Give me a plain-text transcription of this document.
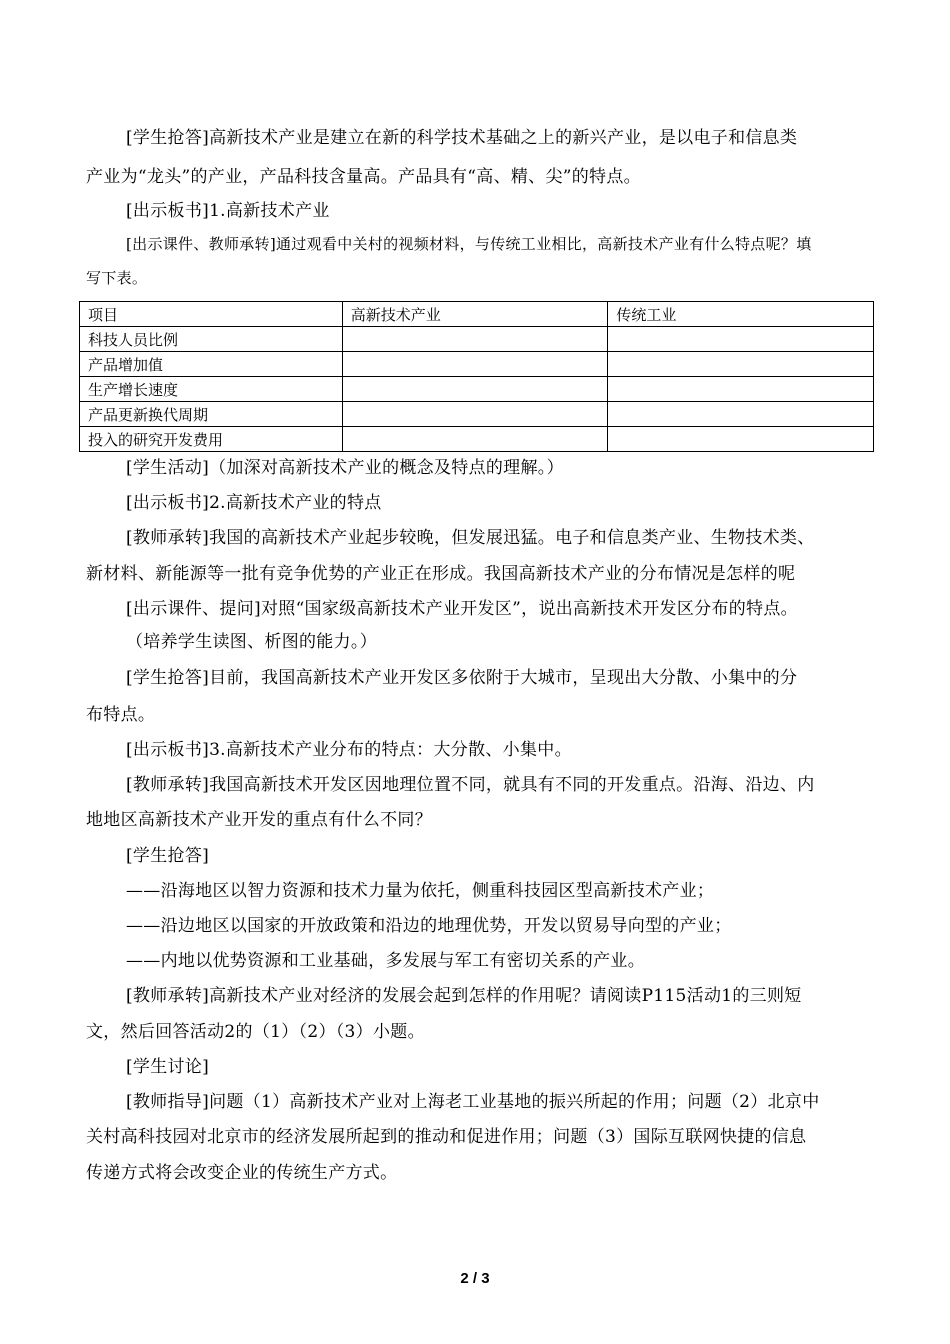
[学生抢答]高新技术产业是建立在新的科学技术基础之上的新兴产业，是以电子和信息类
产业为“龙头”的产业，产品科技含量高。产品具有“高、精、尖”的特点。
[出示板书]1.高新技术产业
[出示课件、教师承转]通过观看中关村的视频材料，与传统工业相比，高新技术产业有什么特点呢？填
写下表。
项目	高新技术产业	传统工业
科技人员比例		
产品增加值		
生产增长速度		
产品更新换代周期		
投入的研究开发费用		
[学生活动]（加深对高新技术产业的概念及特点的理解。）
[出示板书]2.高新技术产业的特点
[教师承转]我国的高新技术产业起步较晚，但发展迅猛。电子和信息类产业、生物技术类、
新材料、新能源等一批有竞争优势的产业正在形成。我国高新技术产业的分布情况是怎样的呢
[出示课件、提问]对照“国家级高新技术产业开发区”，说出高新技术开发区分布的特点。
（培养学生读图、析图的能力。）
[学生抢答]目前，我国高新技术产业开发区多依附于大城市，呈现出大分散、小集中的分
布特点。
[出示板书]3.高新技术产业分布的特点：大分散、小集中。
[教师承转]我国高新技术开发区因地理位置不同，就具有不同的开发重点。沿海、沿边、内
地地区高新技术产业开发的重点有什么不同？
[学生抢答]
——沿海地区以智力资源和技术力量为依托，侧重科技园区型高新技术产业；
——沿边地区以国家的开放政策和沿边的地理优势，开发以贸易导向型的产业；
——内地以优势资源和工业基础，多发展与军工有密切关系的产业。
[教师承转]高新技术产业对经济的发展会起到怎样的作用呢？请阅读P115活动1的三则短
文，然后回答活动2的（1）（2）（3）小题。
[学生讨论]
[教师指导]问题（1）高新技术产业对上海老工业基地的振兴所起的作用；问题（2）北京中
关村高科技园对北京市的经济发展所起到的推动和促进作用；问题（3）国际互联网快捷的信息
传递方式将会改变企业的传统生产方式。
2 / 3
